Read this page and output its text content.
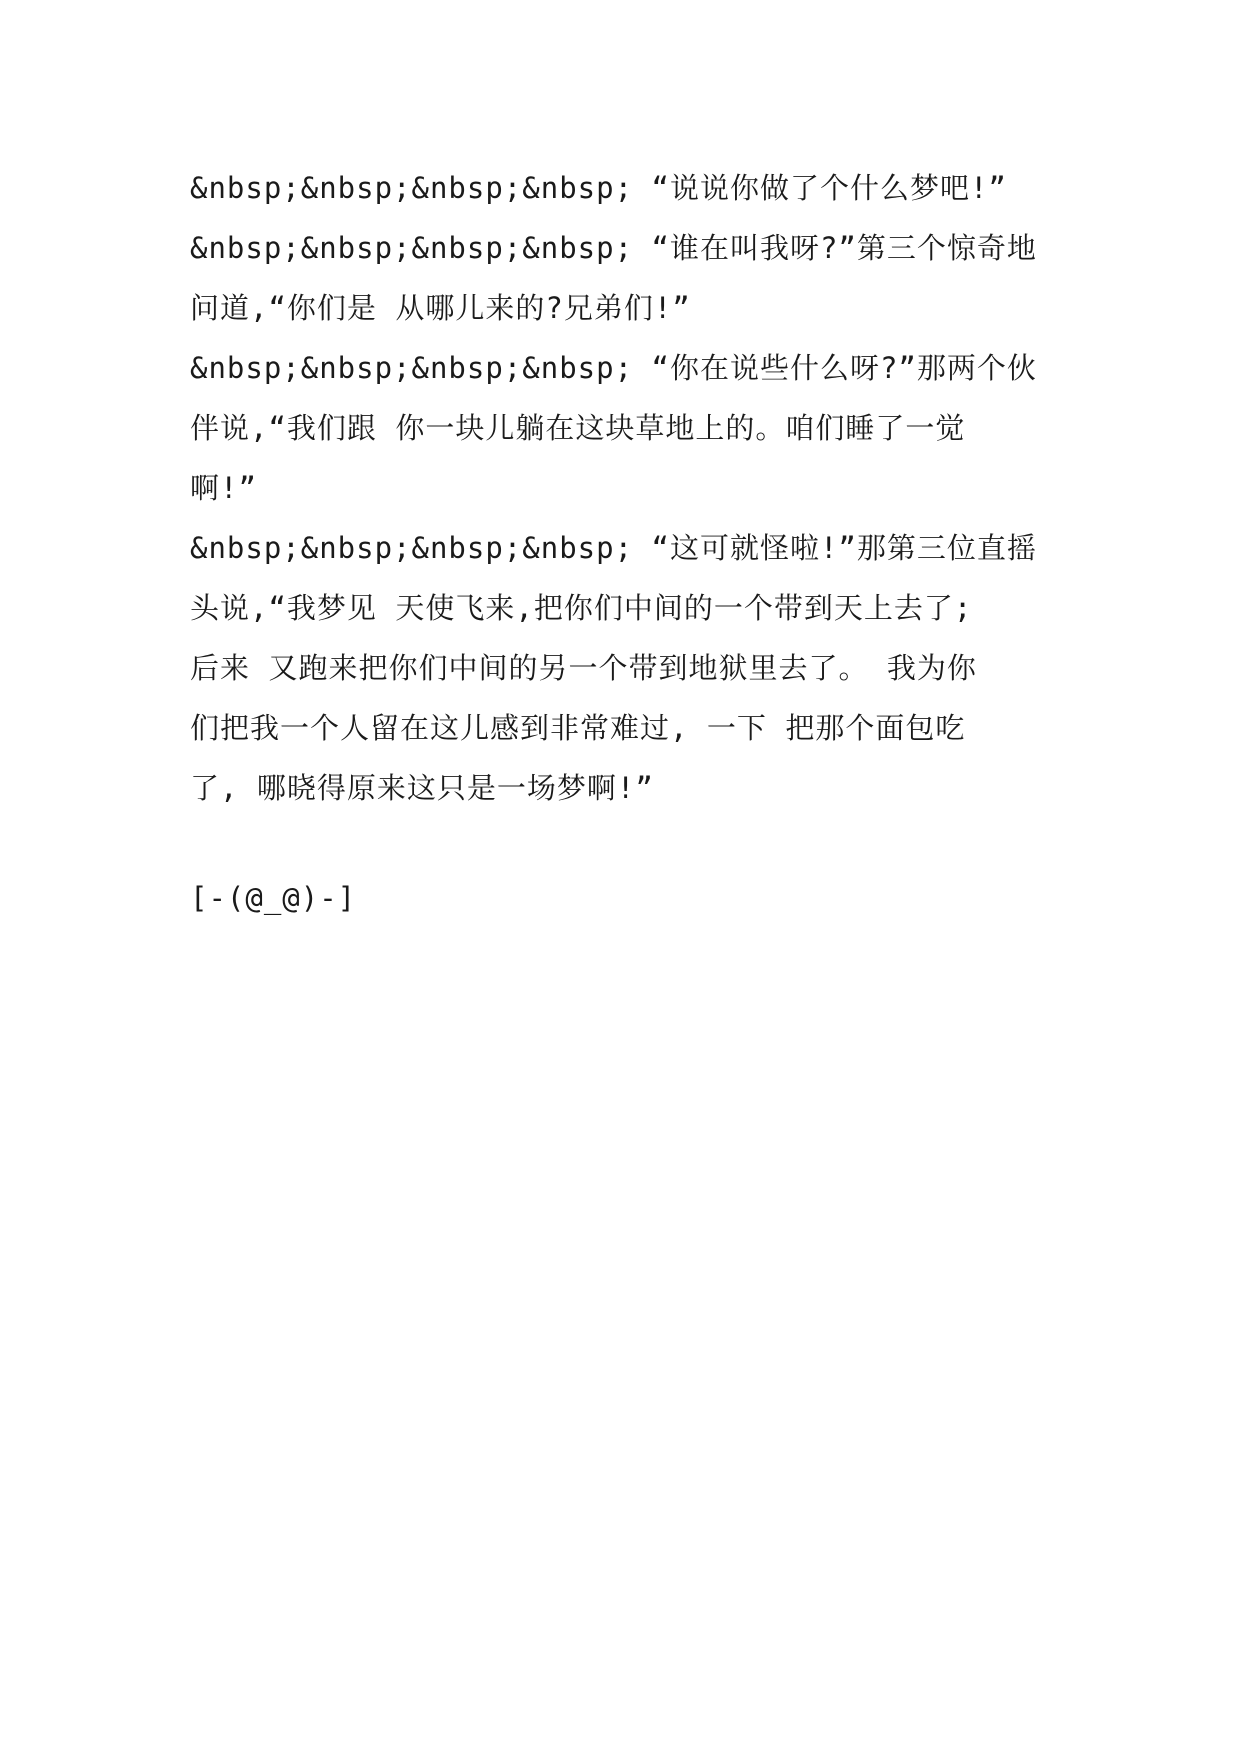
&nbsp;&nbsp;&nbsp;&nbsp; “说说你做了个什么梦吧!”
&nbsp;&nbsp;&nbsp;&nbsp; “谁在叫我呀?”第三个惊奇地
问道,“你们是 从哪儿来的?兄弟们!”
&nbsp;&nbsp;&nbsp;&nbsp; “你在说些什么呀?”那两个伙
伴说,“我们跟 你一块儿躺在这块草地上的。咱们睡了一觉
啊!”
&nbsp;&nbsp;&nbsp;&nbsp; “这可就怪啦!”那第三位直摇
头说,“我梦见 天使飞来,把你们中间的一个带到天上去了;
后来 又跑来把你们中间的另一个带到地狱里去了。 我为你
们把我一个人留在这儿感到非常难过, 一下 把那个面包吃
了, 哪晓得原来这只是一场梦啊!”
[-(@_@)-]
